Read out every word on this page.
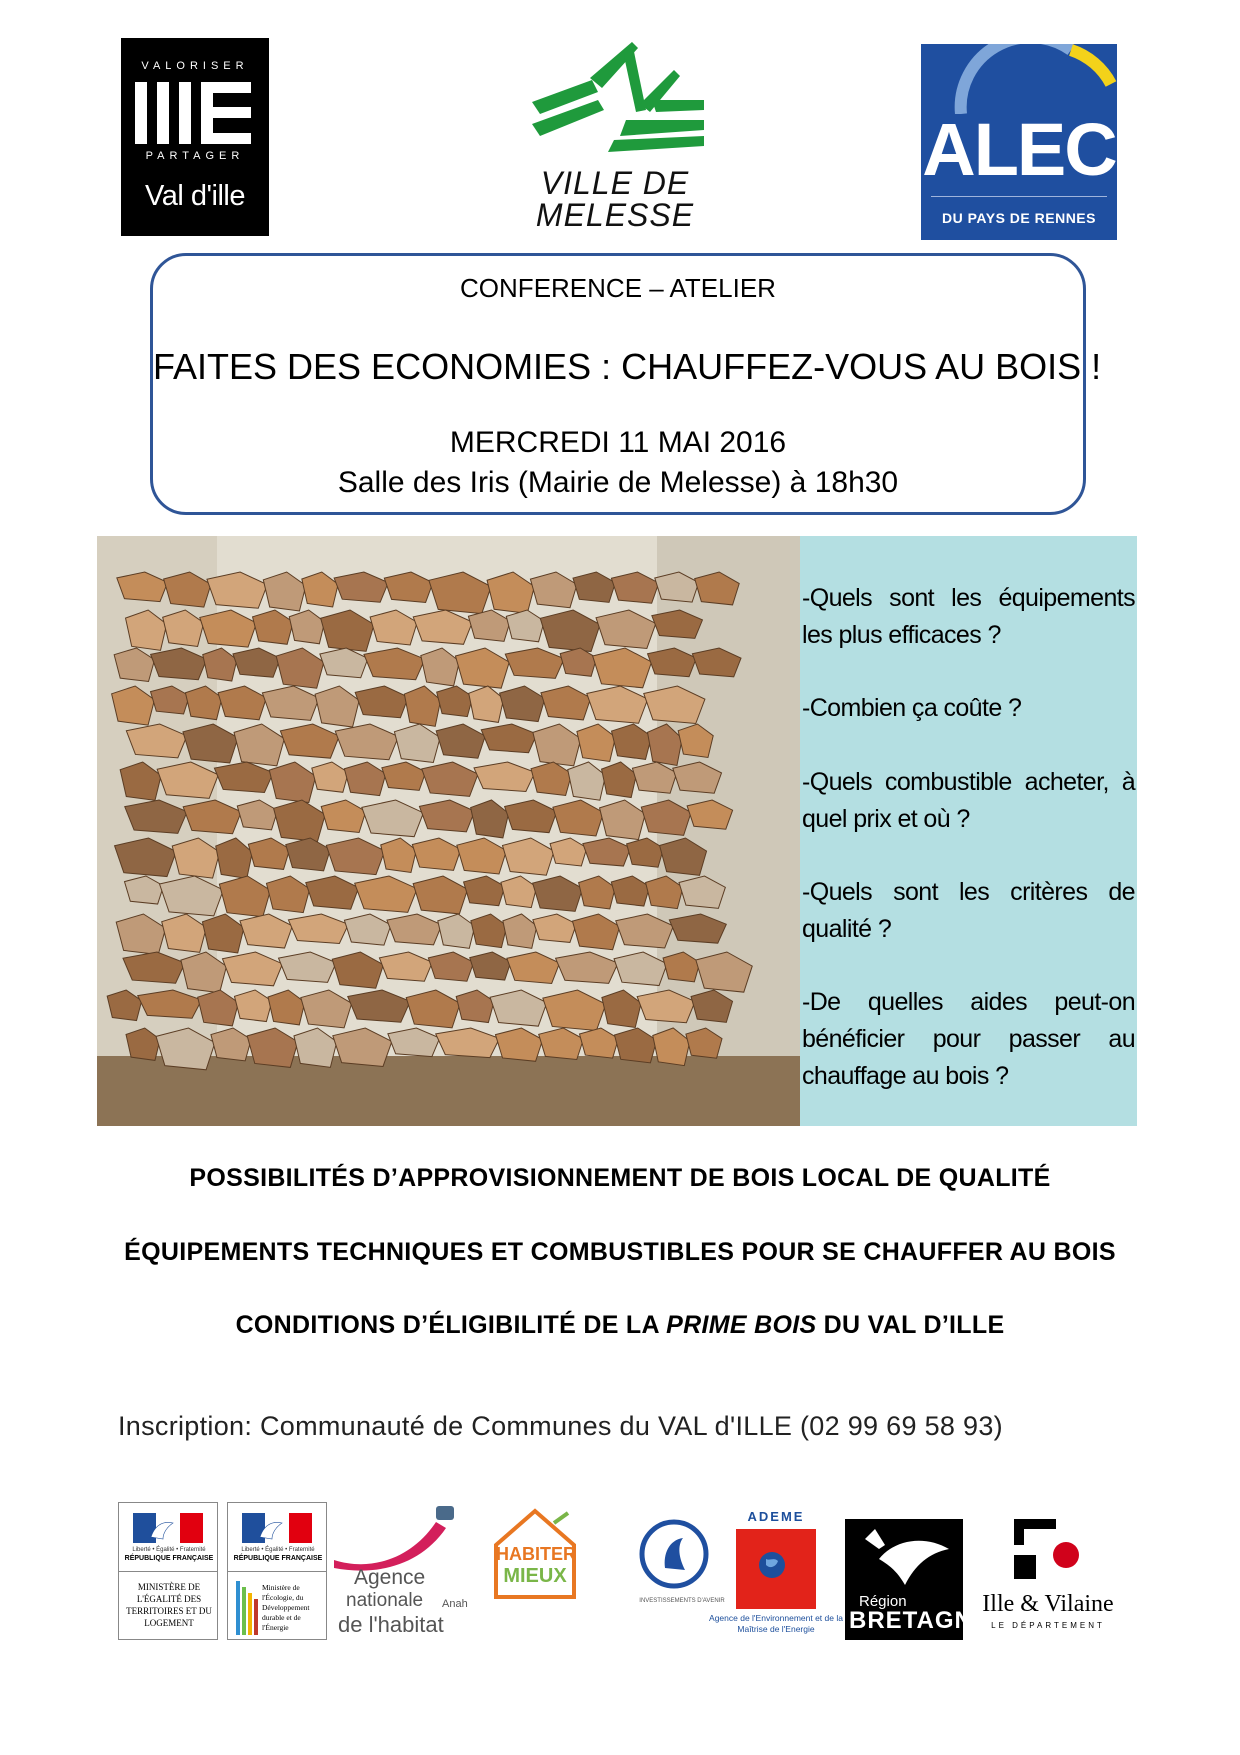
VALORISER
PARTAGER
Val d'ille	VILLE DE
MELESSE
ALEC
DU PAYS DE RENNES
CONFERENCE – ATELIER
FAITES DES ECONOMIES : CHAUFFEZ-VOUS AU BOIS !
MERCREDI 11 MAI 2016
Salle des Iris (Mairie de Melesse) à 18h30
-Quels sont les équipements les plus efficaces ?
-Combien ça coûte ?
-Quels combustible acheter, à quel prix et où ?
-Quels sont les critères de qualité ?
-De quelles aides peut-on bénéficier pour passer au chauffage au bois ?
POSSIBILITÉS D’APPROVISIONNEMENT DE BOIS LOCAL DE QUALITÉ
ÉQUIPEMENTS TECHNIQUES ET COMBUSTIBLES POUR SE CHAUFFER AU BOIS
CONDITIONS D’ÉLIGIBILITÉ DE LA PRIME BOIS DU VAL D’ILLE
Inscription: Communauté de Communes du VAL d'ILLE (02 99 69 58 93)
Liberté • Égalité • Fraternité
RÉPUBLIQUE FRANÇAISE
MINISTÈRE DE L'ÉGALITÉ DES TERRITOIRES ET DU LOGEMENT
Liberté • Égalité • Fraternité
RÉPUBLIQUE FRANÇAISE
Ministère de l'Écologie, du Développement durable et de l'Énergie
Agence
nationale
de l'habitat
Anah
HABITER
MIEUX
INVESTISSEMENTS D'AVENIR
ADEME
Agence de l'Environnement et de la Maîtrise de l'Energie
Région
BRETAGNE
Ille & Vilaine
LE DÉPARTEMENT
